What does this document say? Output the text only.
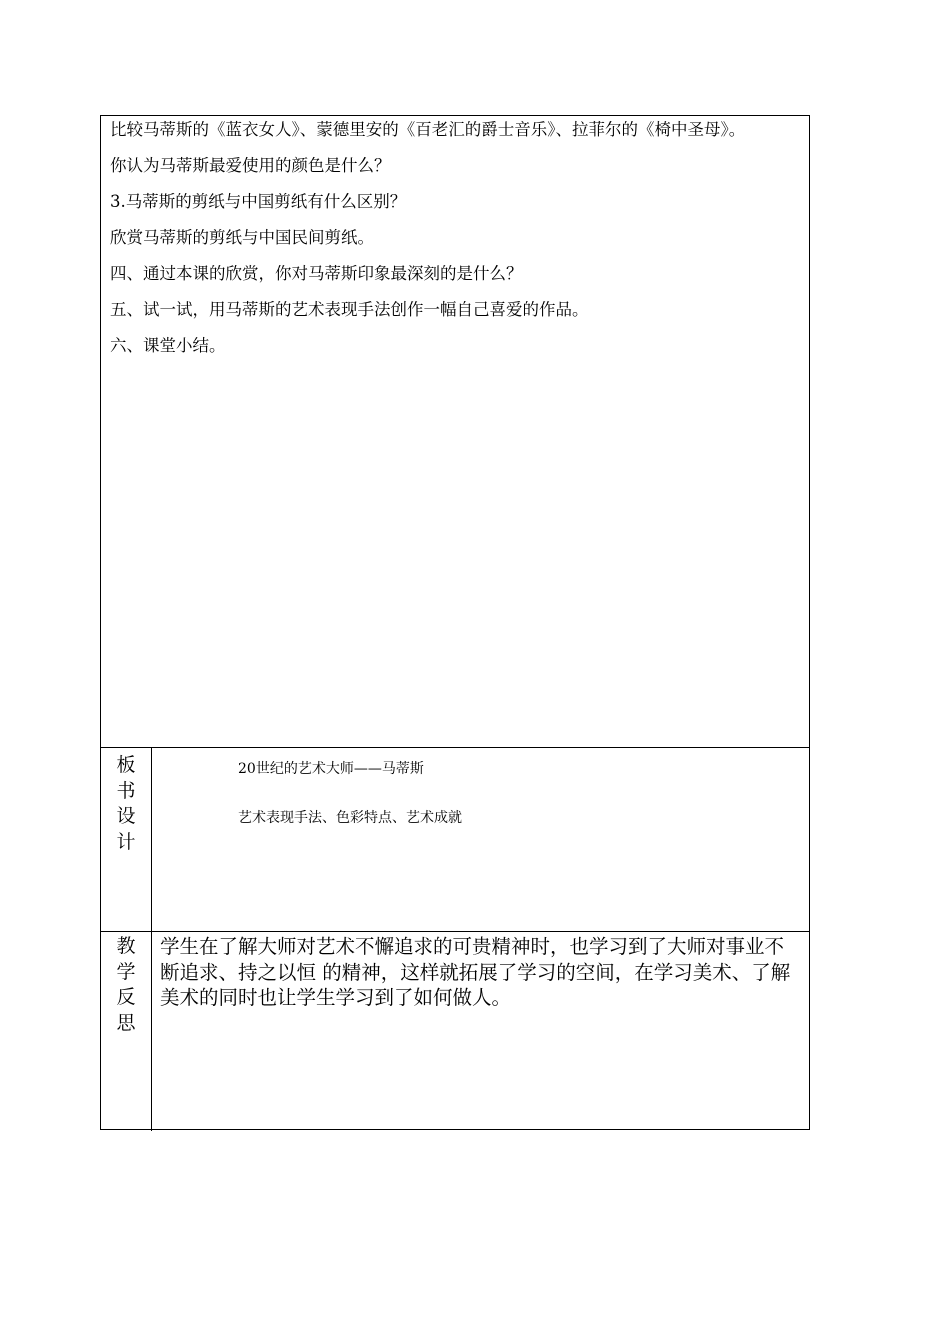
比较马蒂斯的《蓝衣女人》、蒙德里安的《百老汇的爵士音乐》、拉菲尔的《椅中圣母》。

你认为马蒂斯最爱使用的颜色是什么？

3.马蒂斯的剪纸与中国剪纸有什么区别？

欣赏马蒂斯的剪纸与中国民间剪纸。

四、通过本课的欣赏，你对马蒂斯印象最深刻的是什么？

五、试一试，用马蒂斯的艺术表现手法创作一幅自己喜爱的作品。

六、课堂小结。

板书设计
20世纪的艺术大师——马蒂斯
艺术表现手法、色彩特点、艺术成就
教学反思
学生在了解大师对艺术不懈追求的可贵精神时，也学习到了大师对事业不断追求、持之以恒 的精神，这样就拓展了学习的空间，在学习美术、了解美术的同时也让学生学习到了如何做人。
